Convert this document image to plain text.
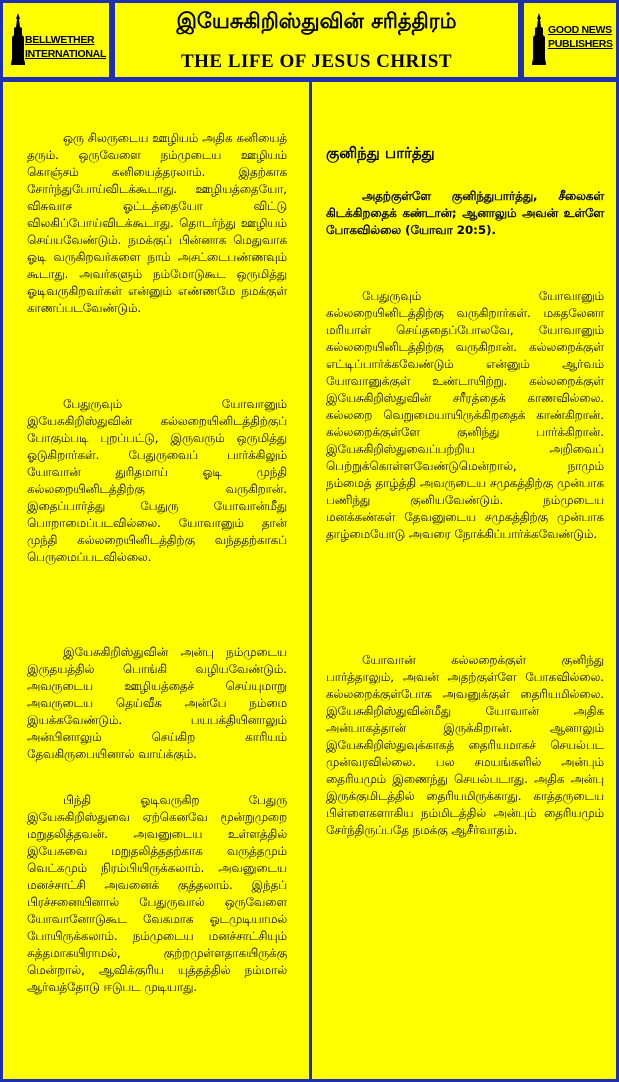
BELLWETHER
INTERNATIONAL
இயேசுகிறிஸ்துவின் சரித்திரம்
THE LIFE OF JESUS CHRIST
GOOD NEWS
PUBLISHERS

ஒரு சிலருடைய ஊழியம் அதிக கனியைத் தரும். ஒருவேளை நம்முடைய ஊழியம் கொஞ்சம் கனியைத்தரலாம். இதற்காக சோர்ந்துபோய்விடக்கூடாது. ஊழியத்தையோ, விசுவாச ஓட்டத்தையோ விட்டு விலகிப்போய்விடக்கூடாது. தொடர்ந்து ஊழியம் செய்யவேண்டும். நமக்குப் பின்னாக மெதுவாக ஓடி வருகிறவர்களை நாம் அசட்டைபண்ணவும் கூடாது. அவர்களும் நம்மோடுகூட ஒருமித்து ஓடிவருகிறவர்கள் என்னும் எண்ணமே நமக்குள் காணப்படவேண்டும்.

பேதுருவும் யோவானும் இயேசுகிறிஸ்துவின் கல்லறையினிடத்திற்குப் போகும்படி புறப்பட்டு, இருவரும் ஒருமித்து ஓடுகிறார்கள். பேதுருவைப் பார்க்கிலும் யோவான் துரிதமாய் ஓடி முந்தி கல்லறையினிடத்திற்கு வருகிறான். இதைப்பார்த்து பேதுரு யோவான்மீது பொறாமைப்படவில்லை. யோவானும் தான் முந்தி கல்லறையினிடத்திற்கு வந்ததற்காகப் பெருமைப்படவில்லை.

இயேசுகிறிஸ்துவின் அன்பு நம்முடைய இருதயத்தில் பொங்கி வழியவேண்டும். அவருடைய ஊழியத்தைச் செய்யுமாறு அவருடைய தெய்வீக அன்பே நம்மை இயக்கவேண்டும். பயபக்தியினாலும் அன்பினாலும் செய்கிற காரியம் தேவகிருபையினால் வாய்க்கும்.

பிந்தி ஓடிவருகிற பேதுரு இயேசுகிறிஸ்துவை ஏற்கெனவே மூன்றுமுறை மறுதலித்தவன். அவனுடைய உள்ளத்தில் இயேசுவை மறுதலித்ததற்காக வருத்தமும் வெட்கமும் நிரம்பியிருக்கலாம். அவனுடைய மனச்சாட்சி அவனைக் குத்தலாம். இந்தப் பிரச்சனையினால் பேதுருவால் ஒருவேளை யோவானோடுகூட வேகமாக ஓடமுடியாமல் போயிருக்கலாம். நம்முடைய மனச்சாட்சியும் சுத்தமாகயிராமல், குற்றமுள்ளதாகயிருக்கு மென்றால், ஆவிக்குரிய யுத்தத்தில் நம்மால் ஆர்வத்தோடு ஈடுபட முடியாது.

குனிந்து பார்த்து

அதற்குள்ளே குனிந்துபார்த்து, சீலைகள் கிடக்கிறதைக் கண்டான்; ஆனாலும் அவன் உள்ளே போகவில்லை (யோவா 20:5).

பேதுருவும் யோவானும் கல்லறையினிடத்திற்கு வருகிறார்கள். மகதலேனா மரியாள் செய்ததைப்போலவே, யோவானும் கல்லறையினிடத்திற்கு வருகிறான். கல்லறைக்குள் எட்டிப்பார்க்கவேண்டும் என்னும் ஆர்வம் யோவானுக்குள் உண்டாயிற்று. கல்லறைக்குள் இயேசுகிறிஸ்துவின் சரீரத்தைக் காணவில்லை. கல்லறை வெறுமையாயிருக்கிறதைக் காண்கிறான். கல்லறைக்குள்ளே குனிந்து பார்க்கிறான். இயேசுகிறிஸ்துவைப்பற்றிய அறிவைப் பெற்றுக்கொள்ளவேண்டுமென்றால், நாமும் நம்மைத் தாழ்த்தி அவருடைய சமுகத்திற்கு முன்பாக பணிந்து குனியவேண்டும். நம்முடைய மனக்கண்கள் தேவனுடைய சமுகத்திற்கு முன்பாக தாழ்மையோடு அவரை நோக்கிப்பார்க்கவேண்டும்.

யோவான் கல்லறைக்குள் குனிந்து பார்த்தாலும், அவன் அதற்குள்ளே போகவில்லை. கல்லறைக்குள்போக அவனுக்குள் தைரியமில்லை. இயேசுகிறிஸ்துவின்மீது யோவான் அதிக அன்பாகத்தான் இருக்கிறான். ஆனாலும் இயேசுகிறிஸ்துவுக்காகத் தைரியமாகச் செயல்பட முன்வரவில்லை. பல சமயங்களில் அன்பும் தைரியமும் இணைந்து செயல்படாது. அதிக அன்பு இருக்குமிடத்தில் தைரியமிருக்காது. காத்தருடைய பிள்ளைகளாகிய நம்மிடத்தில் அன்பும் தைரியமும் சேர்ந்திருப்பதே நமக்கு ஆசீர்வாதம்.
